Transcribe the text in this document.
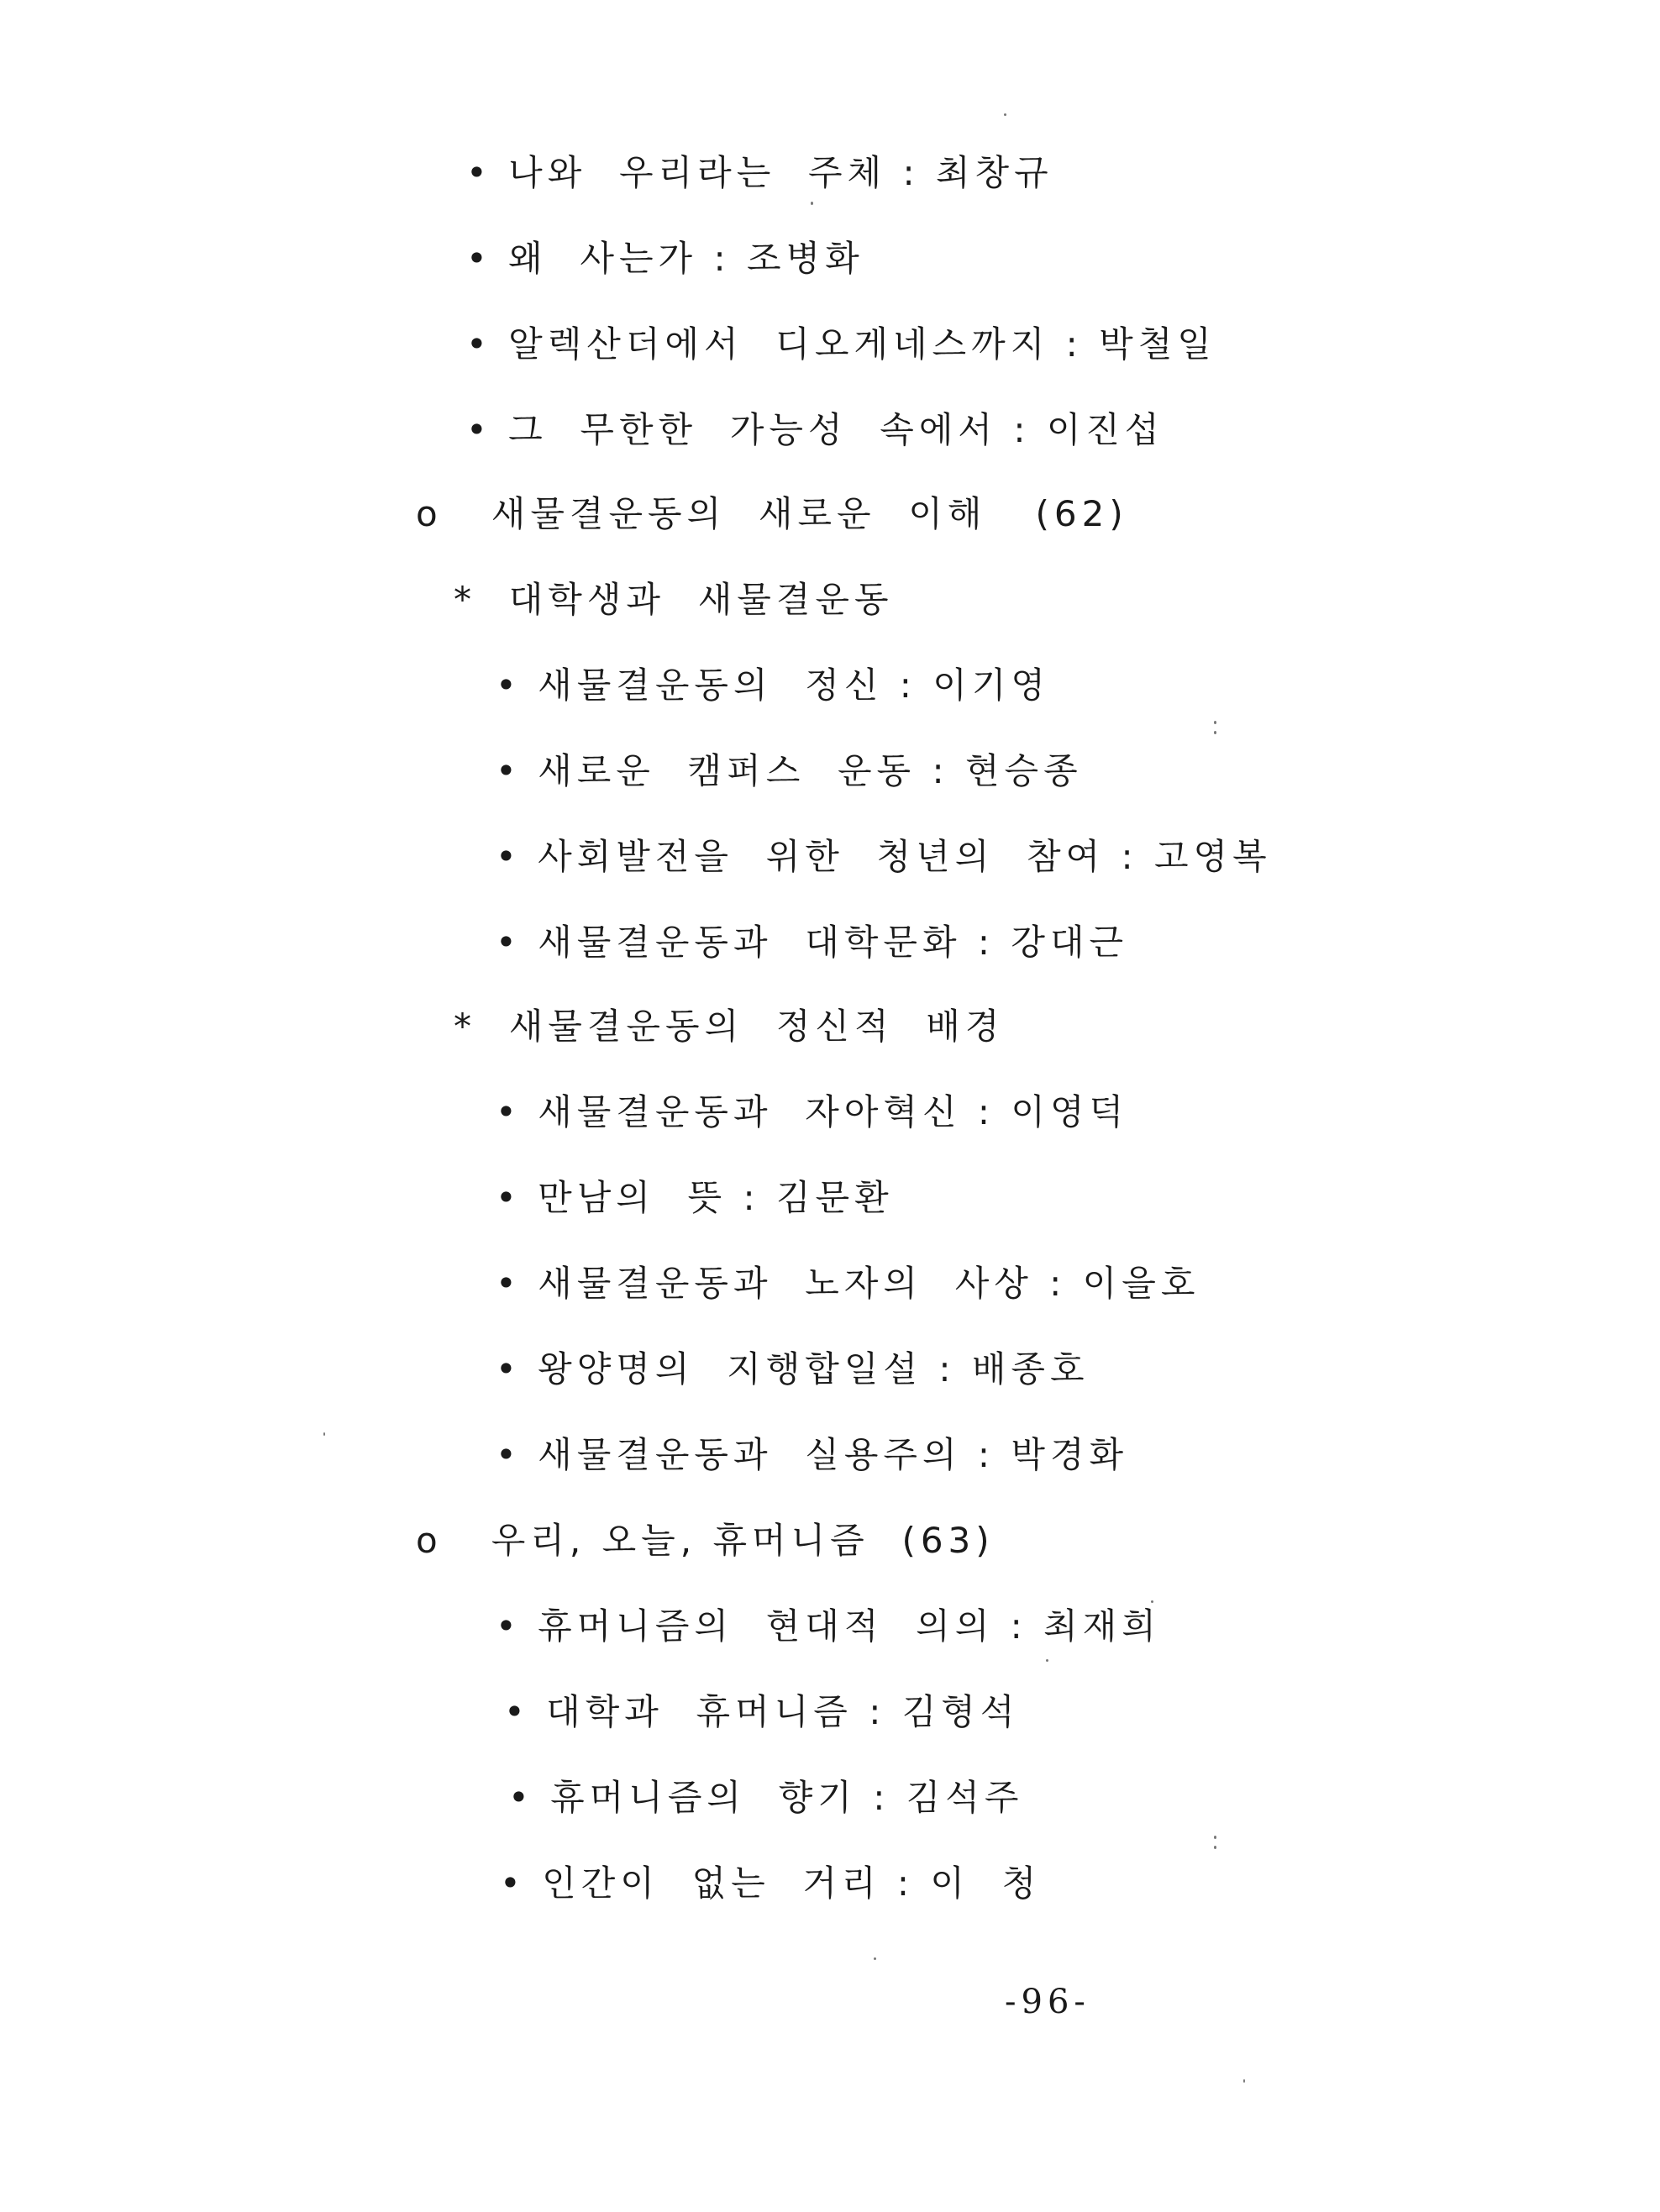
• 나와  우리라는  주체 : 최창규
• 왜  사는가 : 조병화
• 알렉산더에서  디오게네스까지 : 박철일
• 그  무한한  가능성  속에서 : 이진섭
o 새물결운동의  새로운  이해   (62)
* 대학생과  새물결운동
• 새물결운동의  정신 : 이기영
• 새로운  캠퍼스  운동 : 현승종
• 사회발전을  위한  청년의  참여 : 고영복
• 새물결운동과  대학문화 : 강대근
* 새물결운동의  정신적  배경
• 새물결운동과  자아혁신 : 이영덕
• 만남의  뜻 : 김문환
• 새물결운동과  노자의  사상 : 이을호
• 왕양명의  지행합일설 : 배종호
• 새물결운동과  실용주의 : 박경화
o 우리, 오늘, 휴머니즘  (63)
• 휴머니즘의  현대적  의의 : 최재희
• 대학과  휴머니즘 : 김형석
• 휴머니즘의  향기 : 김석주
• 인간이  없는  거리 : 이  청
-96-
